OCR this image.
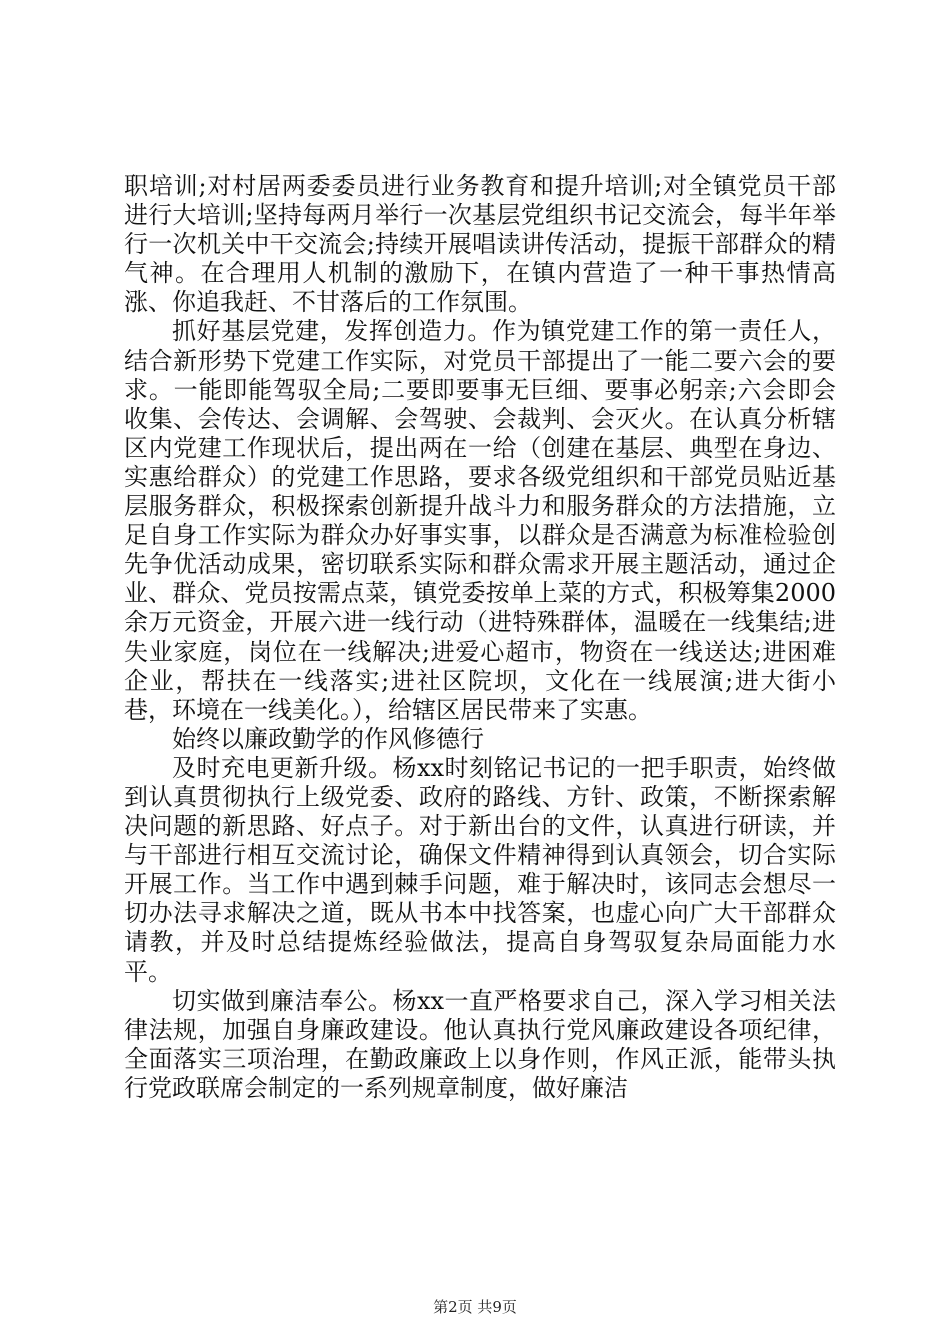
职培训;对村居两委委员进行业务教育和提升培训;对全镇党员干部进行大培训;坚持每两月举行一次基层党组织书记交流会，每半年举行一次机关中干交流会;持续开展唱读讲传活动，提振干部群众的精气神。在合理用人机制的激励下，在镇内营造了一种干事热情高涨、你追我赶、不甘落后的工作氛围。

抓好基层党建，发挥创造力。作为镇党建工作的第一责任人，结合新形势下党建工作实际，对党员干部提出了一能二要六会的要求。一能即能驾驭全局;二要即要事无巨细、要事必躬亲;六会即会收集、会传达、会调解、会驾驶、会裁判、会灭火。在认真分析辖区内党建工作现状后，提出两在一给（创建在基层、典型在身边、实惠给群众）的党建工作思路，要求各级党组织和干部党员贴近基层服务群众，积极探索创新提升战斗力和服务群众的方法措施，立足自身工作实际为群众办好事实事，以群众是否满意为标准检验创先争优活动成果，密切联系实际和群众需求开展主题活动，通过企业、群众、党员按需点菜，镇党委按单上菜的方式，积极筹集2000余万元资金，开展六进一线行动（进特殊群体，温暖在一线集结;进失业家庭，岗位在一线解决;进爱心超市，物资在一线送达;进困难企业，帮扶在一线落实;进社区院坝，文化在一线展演;进大街小巷，环境在一线美化。），给辖区居民带来了实惠。

始终以廉政勤学的作风修德行

及时充电更新升级。杨xx时刻铭记书记的一把手职责，始终做到认真贯彻执行上级党委、政府的路线、方针、政策，不断探索解决问题的新思路、好点子。对于新出台的文件，认真进行研读，并与干部进行相互交流讨论，确保文件精神得到认真领会，切合实际开展工作。当工作中遇到棘手问题，难于解决时，该同志会想尽一切办法寻求解决之道，既从书本中找答案，也虚心向广大干部群众请教，并及时总结提炼经验做法，提高自身驾驭复杂局面能力水平。

切实做到廉洁奉公。杨xx一直严格要求自己，深入学习相关法律法规，加强自身廉政建设。他认真执行党风廉政建设各项纪律，全面落实三项治理，在勤政廉政上以身作则，作风正派，能带头执行党政联席会制定的一系列规章制度，做好廉洁

第2页 共9页
